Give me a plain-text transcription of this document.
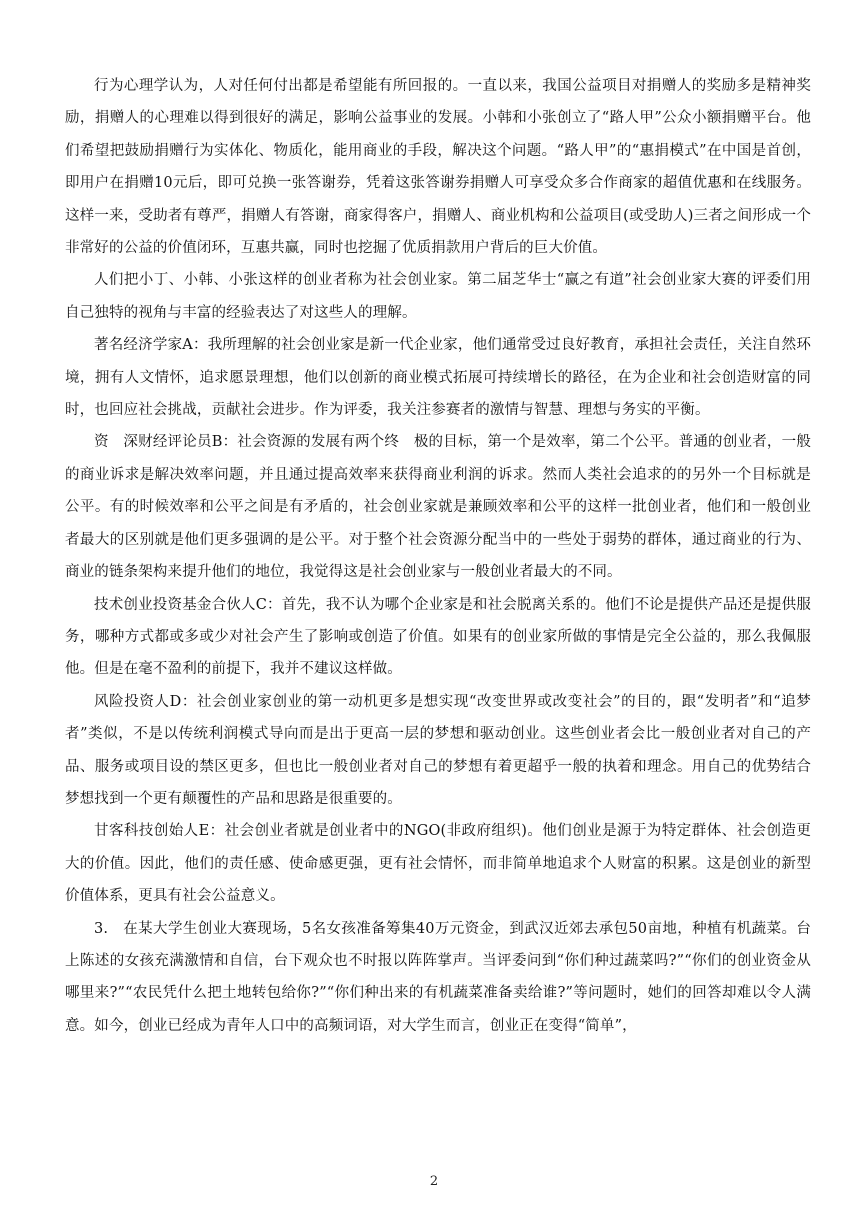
行为心理学认为，人对任何付出都是希望能有所回报的。一直以来，我国公益项目对捐赠人的奖励多是精神奖励，捐赠人的心理难以得到很好的满足，影响公益事业的发展。小韩和小张创立了“路人甲”公众小额捐赠平台。他们希望把鼓励捐赠行为实体化、物质化，能用商业的手段，解决这个问题。“路人甲”的“惠捐模式”在中国是首创，即用户在捐赠10元后，即可兑换一张答谢券，凭着这张答谢券捐赠人可享受众多合作商家的超值优惠和在线服务。这样一来，受助者有尊严，捐赠人有答谢，商家得客户，捐赠人、商业机构和公益项目(或受助人)三者之间形成一个非常好的公益的价值闭环，互惠共赢，同时也挖掘了优质捐款用户背后的巨大价值。

人们把小丁、小韩、小张这样的创业者称为社会创业家。第二届芝华士“赢之有道”社会创业家大赛的评委们用自己独特的视角与丰富的经验表达了对这些人的理解。

著名经济学家A：我所理解的社会创业家是新一代企业家，他们通常受过良好教育，承担社会责任，关注自然环境，拥有人文情怀，追求愿景理想，他们以创新的商业模式拓展可持续增长的路径，在为企业和社会创造财富的同时，也回应社会挑战，贡献社会进步。作为评委，我关注参赛者的激情与智慧、理想与务实的平衡。

资　深财经评论员B：社会资源的发展有两个终　极的目标，第一个是效率，第二个公平。普通的创业者，一般的商业诉求是解决效率问题，并且通过提高效率来获得商业利润的诉求。然而人类社会追求的的另外一个目标就是公平。有的时候效率和公平之间是有矛盾的，社会创业家就是兼顾效率和公平的这样一批创业者，他们和一般创业者最大的区别就是他们更多强调的是公平。对于整个社会资源分配当中的一些处于弱势的群体，通过商业的行为、商业的链条架构来提升他们的地位，我觉得这是社会创业家与一般创业者最大的不同。

技术创业投资基金合伙人C：首先，我不认为哪个企业家是和社会脱离关系的。他们不论是提供产品还是提供服务，哪种方式都或多或少对社会产生了影响或创造了价值。如果有的创业家所做的事情是完全公益的，那么我佩服他。但是在毫不盈利的前提下，我并不建议这样做。

风险投资人D：社会创业家创业的第一动机更多是想实现“改变世界或改变社会”的目的，跟“发明者”和“追梦者”类似，不是以传统利润模式导向而是出于更高一层的梦想和驱动创业。这些创业者会比一般创业者对自己的产品、服务或项目设的禁区更多，但也比一般创业者对自己的梦想有着更超乎一般的执着和理念。用自己的优势结合梦想找到一个更有颠覆性的产品和思路是很重要的。

甘客科技创始人E：社会创业者就是创业者中的NGO(非政府组织)。他们创业是源于为特定群体、社会创造更大的价值。因此，他们的责任感、使命感更强，更有社会情怀，而非简单地追求个人财富的积累。这是创业的新型价值体系，更具有社会公益意义。

3.　在某大学生创业大赛现场，5名女孩准备筹集40万元资金，到武汉近郊去承包50亩地，种植有机蔬菜。台上陈述的女孩充满激情和自信，台下观众也不时报以阵阵掌声。当评委问到“你们种过蔬菜吗?”“你们的创业资金从哪里来?”“农民凭什么把土地转包给你?”“你们种出来的有机蔬菜准备卖给谁?”等问题时，她们的回答却难以令人满意。如今，创业已经成为青年人口中的高频词语，对大学生而言，创业正在变得“简单”，

2
